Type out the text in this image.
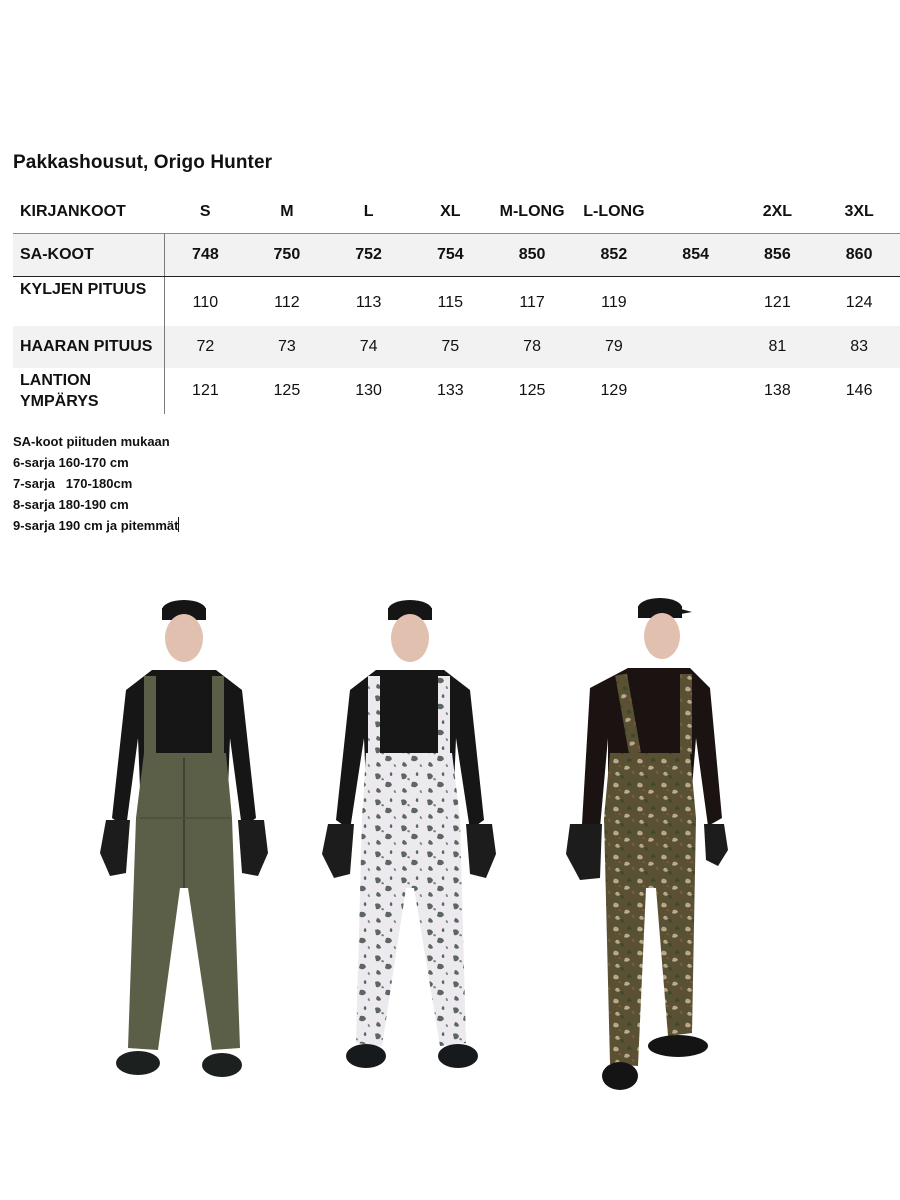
Pakkashousut, Origo Hunter
KIRJANKOOT	S	M	L	XL	M-LONG	L-LONG		2XL	3XL
SA-KOOT	748	750	752	754	850	852	854	856	860
KYLJEN PITUUS	110	112	113	115	117	119		121	124
HAARAN PITUUS	72	73	74	75	78	79		81	83

LANTION
YMPÄRYS	121	125	130	133	125	129		138	146
SA-koot piituden mukaan
6-sarja 160-170 cm
7-sarja   170-180cm
8-sarja 180-190 cm
9-sarja 190 cm ja pitemmät
